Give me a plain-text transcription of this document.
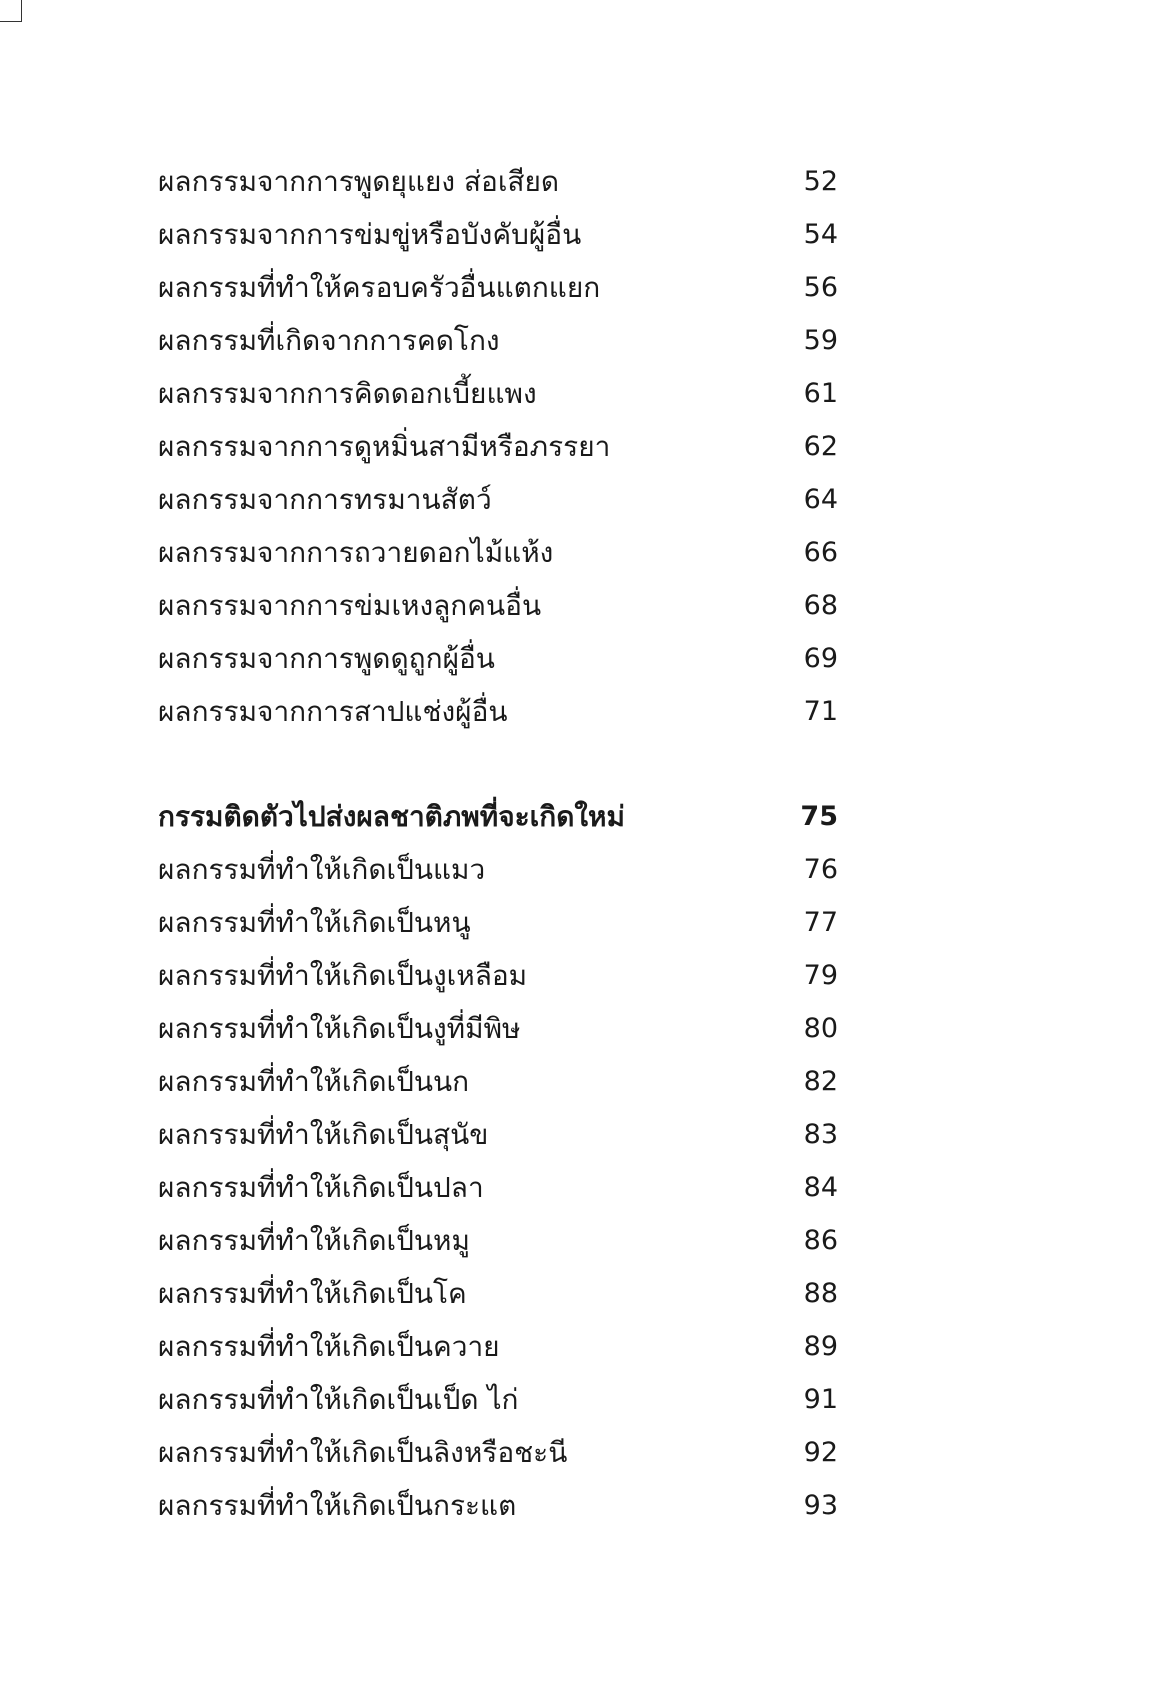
ผลกรรมจากการพูดยุแยง ส่อเสียด	52
ผลกรรมจากการข่มขู่หรือบังคับผู้อื่น	54
ผลกรรมที่ทำให้ครอบครัวอื่นแตกแยก	56
ผลกรรมที่เกิดจากการคดโกง	59
ผลกรรมจากการคิดดอกเบี้ยแพง	61
ผลกรรมจากการดูหมิ่นสามีหรือภรรยา	62
ผลกรรมจากการทรมานสัตว์	64
ผลกรรมจากการถวายดอกไม้แห้ง	66
ผลกรรมจากการข่มเหงลูกคนอื่น	68
ผลกรรมจากการพูดดูถูกผู้อื่น	69
ผลกรรมจากการสาปแช่งผู้อื่น	71
กรรมติดตัวไปส่งผลชาติภพที่จะเกิดใหม่	75
ผลกรรมที่ทำให้เกิดเป็นแมว	76
ผลกรรมที่ทำให้เกิดเป็นหนู	77
ผลกรรมที่ทำให้เกิดเป็นงูเหลือม	79
ผลกรรมที่ทำให้เกิดเป็นงูที่มีพิษ	80
ผลกรรมที่ทำให้เกิดเป็นนก	82
ผลกรรมที่ทำให้เกิดเป็นสุนัข	83
ผลกรรมที่ทำให้เกิดเป็นปลา	84
ผลกรรมที่ทำให้เกิดเป็นหมู	86
ผลกรรมที่ทำให้เกิดเป็นโค	88
ผลกรรมที่ทำให้เกิดเป็นควาย	89
ผลกรรมที่ทำให้เกิดเป็นเป็ด ไก่	91
ผลกรรมที่ทำให้เกิดเป็นลิงหรือชะนี	92
ผลกรรมที่ทำให้เกิดเป็นกระแต	93
